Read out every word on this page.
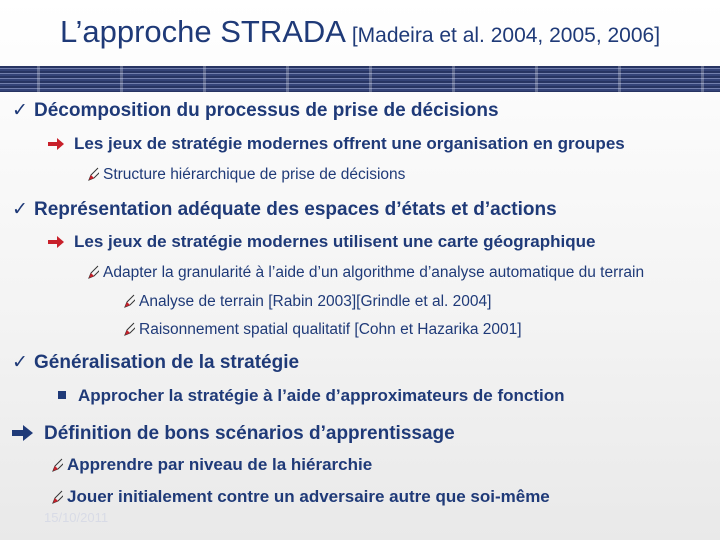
L’approche STRADA [Madeira et al. 2004, 2005, 2006]
✓ Décomposition du processus de prise de décisions
Les jeux de stratégie modernes offrent une organisation en groupes
Structure hiérarchique de prise de décisions
✓ Représentation adéquate des espaces d’états et d’actions
Les jeux de stratégie modernes utilisent une carte géographique
Adapter la granularité à l’aide d’un algorithme d’analyse automatique du terrain
Analyse de terrain [Rabin 2003][Grindle et al. 2004]
Raisonnement spatial qualitatif [Cohn et Hazarika 2001]
✓ Généralisation de la stratégie
Approcher la stratégie à l’aide d’approximateurs de fonction
Définition de bons scénarios d’apprentissage
Apprendre par niveau de la hiérarchie
Jouer initialement contre un adversaire autre que soi-même
15/10/2011
